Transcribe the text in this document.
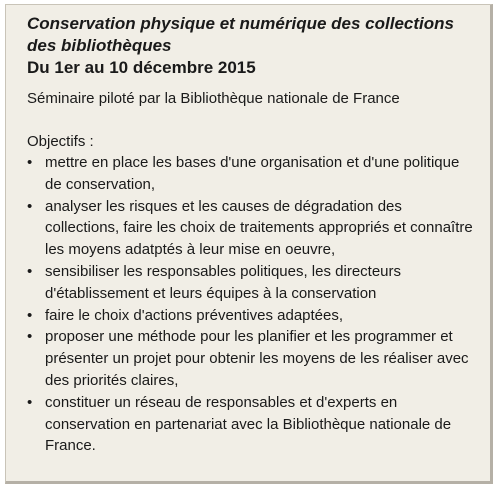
Conservation physique et numérique des collections des bibliothèques

Du 1er au 10 décembre 2015

Séminaire piloté par la Bibliothèque nationale de France

Objectifs :

• mettre en place les bases d'une organisation et d'une politique de conservation,
• analyser les risques et les causes de dégradation des collections, faire les choix de traitements appropriés et connaître les moyens adatptés à leur mise en oeuvre,
• sensibiliser les responsables politiques, les directeurs d'établissement et leurs équipes à la conservation
• faire le choix d'actions préventives adaptées,
• proposer une méthode pour les planifier et les programmer et présenter un projet pour obtenir les moyens de les réaliser avec des priorités claires,
• constituer un réseau de responsables et d'experts en conservation en partenariat avec la Bibliothèque nationale de France.
